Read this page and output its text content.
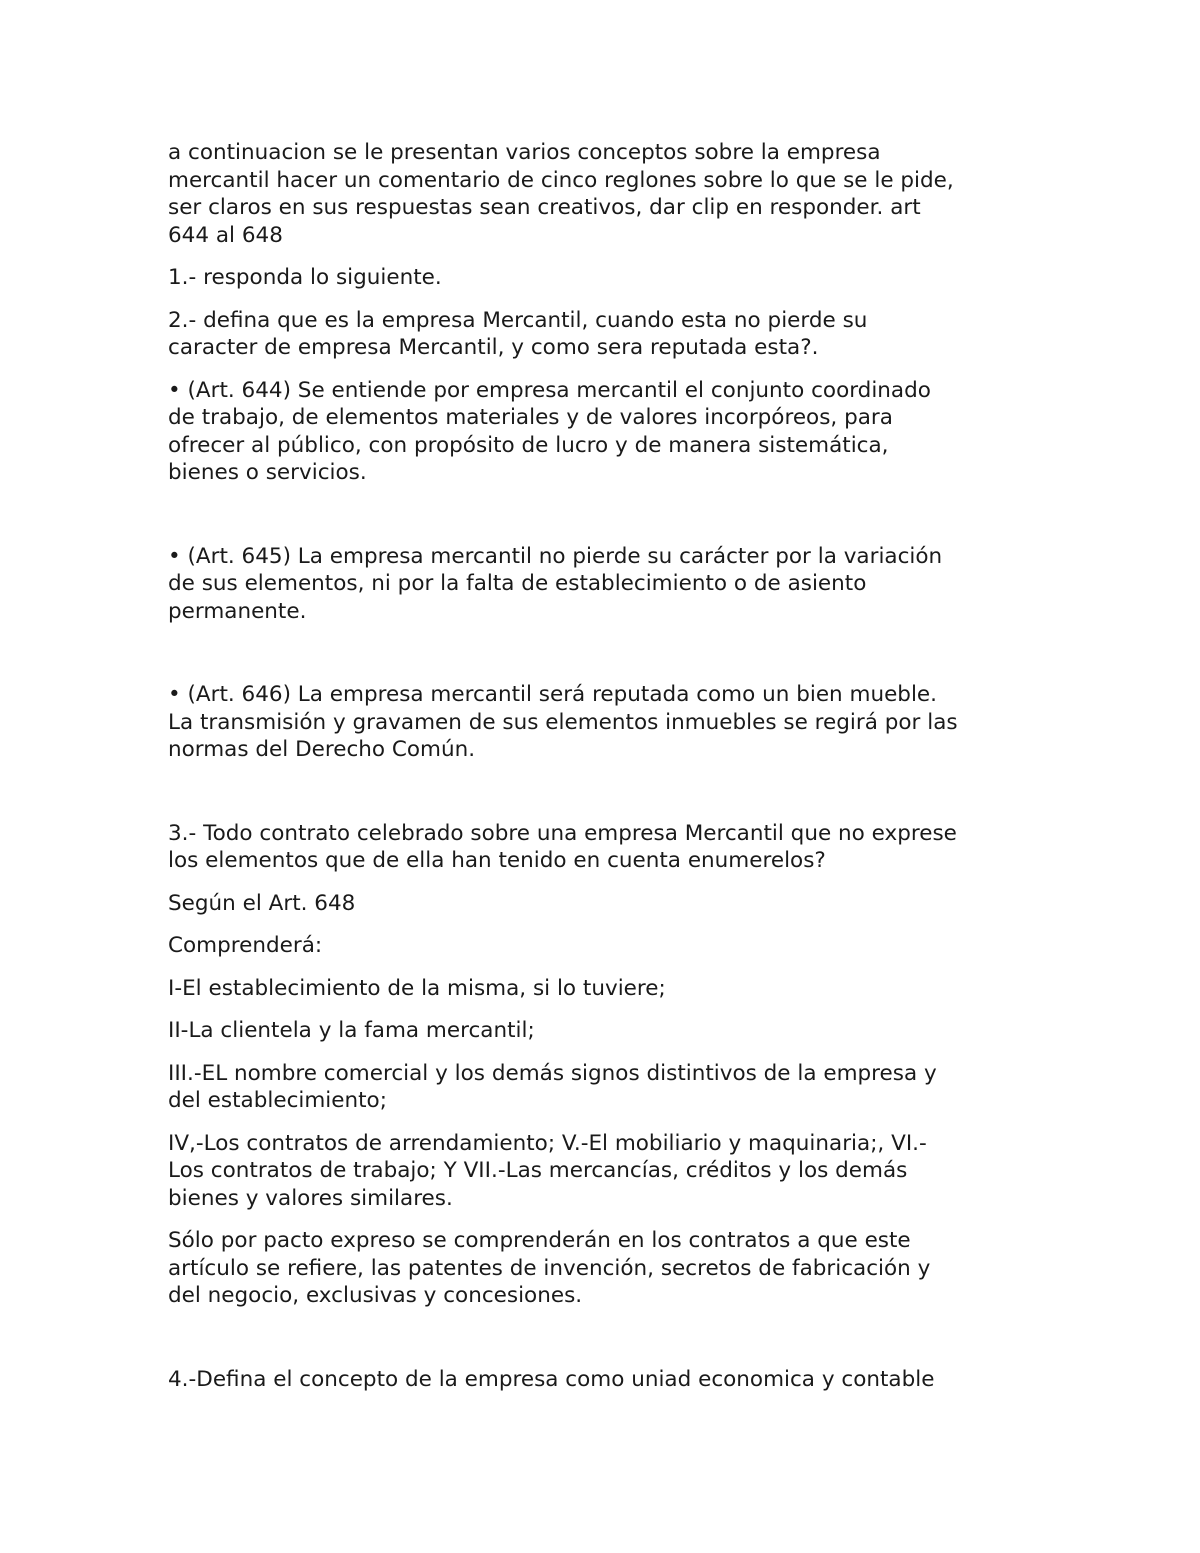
a continuacion se le presentan varios conceptos sobre la empresa
mercantil hacer un comentario de cinco reglones sobre lo que se le pide,
ser claros en sus respuestas sean creativos, dar clip en responder. art
644 al 648

1.- responda lo siguiente.

2.- defina que es la empresa Mercantil, cuando esta no pierde su
caracter de empresa Mercantil, y como sera reputada esta?.

• (Art. 644) Se entiende por empresa mercantil el conjunto coordinado
de trabajo, de elementos materiales y de valores incorpóreos, para
ofrecer al público, con propósito de lucro y de manera sistemática,
bienes o servicios.

• (Art. 645) La empresa mercantil no pierde su carácter por la variación
de sus elementos, ni por la falta de establecimiento o de asiento
permanente.

• (Art. 646) La empresa mercantil será reputada como un bien mueble.
La transmisión y gravamen de sus elementos inmuebles se regirá por las
normas del Derecho Común.

3.- Todo contrato celebrado sobre una empresa Mercantil que no exprese
los elementos que de ella han tenido en cuenta enumerelos?

Según el Art. 648

Comprenderá:

I-El establecimiento de la misma, si lo tuviere;

II-La clientela y la fama mercantil;

III.-EL nombre comercial y los demás signos distintivos de la empresa y
del establecimiento;

IV,-Los contratos de arrendamiento; V.-El mobiliario y maquinaria;, VI.-
Los contratos de trabajo; Y VII.-Las mercancías, créditos y los demás
bienes y valores similares.

Sólo por pacto expreso se comprenderán en los contratos a que este
artículo se refiere, las patentes de invención, secretos de fabricación y
del negocio, exclusivas y concesiones.

4.-Defina el concepto de la empresa como uniad economica y contable
